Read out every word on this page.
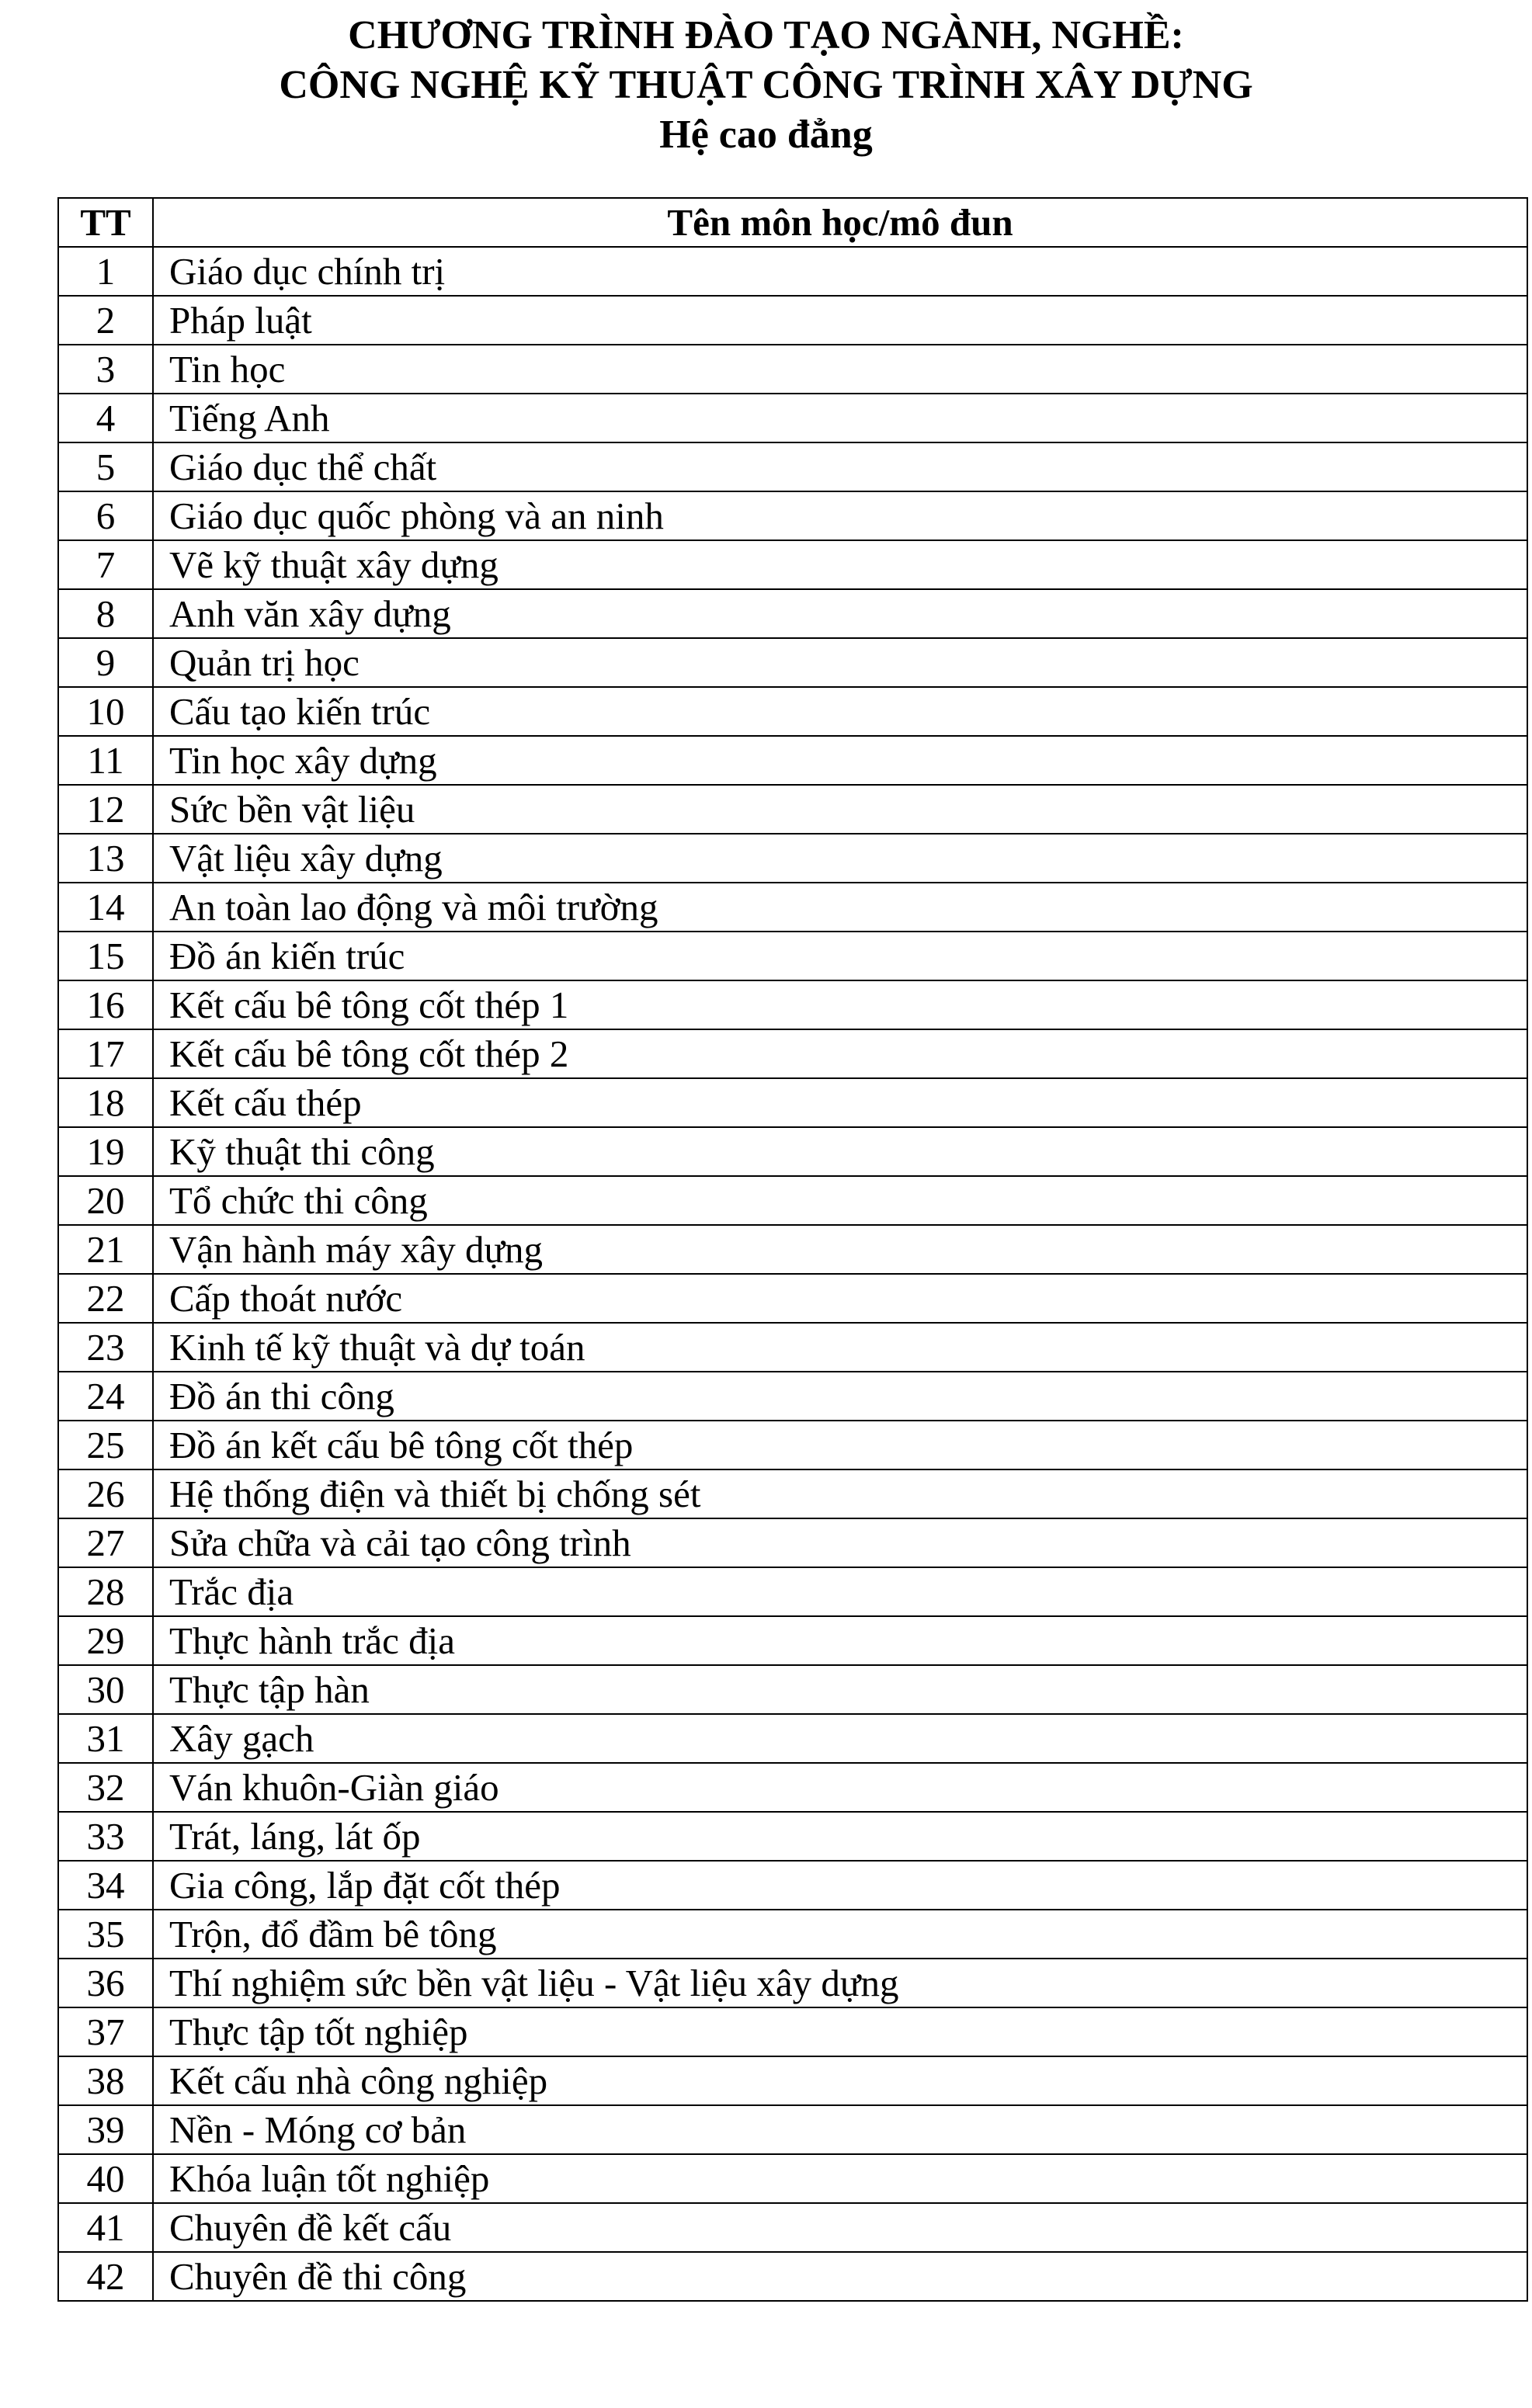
CHƯƠNG TRÌNH ĐÀO TẠO NGÀNH, NGHỀ:
CÔNG NGHỆ KỸ THUẬT CÔNG TRÌNH XÂY DỰNG
Hệ cao đẳng
TT	Tên môn học/mô đun
1	Giáo dục chính trị
2	Pháp luật
3	Tin học
4	Tiếng Anh
5	Giáo dục thể chất
6	Giáo dục quốc phòng và an ninh
7	Vẽ kỹ thuật xây dựng
8	Anh văn xây dựng
9	Quản trị học
10	Cấu tạo kiến trúc
11	Tin học xây dựng
12	Sức bền vật liệu
13	Vật liệu xây dựng
14	An toàn lao động và môi trường
15	Đồ án kiến trúc
16	Kết cấu bê tông cốt thép 1
17	Kết cấu bê tông cốt thép 2
18	Kết cấu thép
19	Kỹ thuật thi công
20	Tổ chức thi công
21	Vận hành máy xây dựng
22	Cấp thoát nước
23	Kinh tế kỹ thuật và dự toán
24	Đồ án thi công
25	Đồ án kết cấu bê tông cốt thép
26	Hệ thống điện và thiết bị chống sét
27	Sửa chữa và cải tạo công trình
28	Trắc địa
29	Thực hành trắc địa
30	Thực tập hàn
31	Xây gạch
32	Ván khuôn-Giàn giáo
33	Trát, láng, lát ốp
34	Gia công, lắp đặt cốt thép
35	Trộn, đổ đầm bê tông
36	Thí nghiệm sức bền vật liệu - Vật liệu xây dựng
37	Thực tập tốt nghiệp
38	Kết cấu nhà công nghiệp
39	Nền - Móng cơ bản
40	Khóa luận tốt nghiệp
41	Chuyên đề kết cấu
42	Chuyên đề thi công
